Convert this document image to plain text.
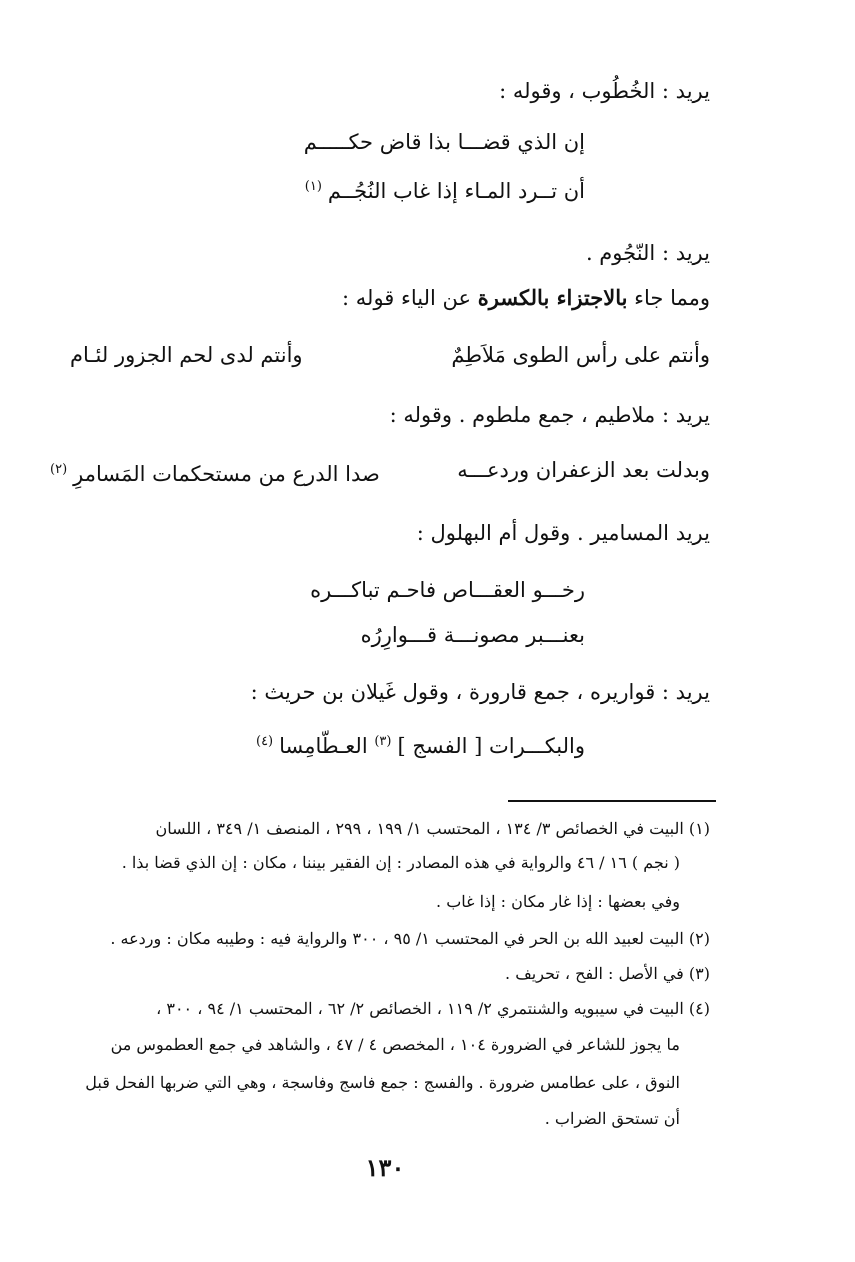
يريد : الخُطُوب ، وقوله :
إن الذي قضـــا بذا قاض حكـــــم
أن تــرد المـاء إذا غاب النُجُــم$^{(١)}$
يريد : النّجُوم .
ومما جاء بالاجتزاء بالكسرة عن الياء قوله :
وأنتم على رأس الطوى مَلاَطِمٌ
وأنتم لدى لحم الجزور لئـام
يريد : ملاطيم ، جمع ملطوم . وقوله :
وبدلت بعد الزعفران وردعـــه
صدا الدرع من مستحكمات المَسامرِ$^{(٢)}$
يريد المسامير . وقول أم البهلول :
رخـــو العقـــاص فاحـم تباكـــره
بعنـــبر مصونـــة قـــوارِرُه
يريد : قواريره ، جمع قارورة ، وقول غَيلان بن حريث :
والبكـــرات [ الفسج ]$^{(٣)}$ العـطّامِسا$^{(٤)}$
(١) البيت في الخصائص ٣/ ١٣٤ ، المحتسب ١/ ١٩٩ ، ٢٩٩ ، المنصف ١/ ٣٤٩ ، اللسان
( نجم ) ١٦ / ٤٦ والرواية في هذه المصادر : إن الفقير بيننا ، مكان : إن الذي قضا بذا .
وفي بعضها : إذا غار مكان : إذا غاب .
(٢) البيت لعبيد الله بن الحر في المحتسب ١/ ٩٥ ، ٣٠٠ والرواية فيه : وطيبه مكان : وردعه .
(٣) في الأصل : الفح ، تحريف .
(٤) البيت في سيبويه والشنتمري ٢/ ١١٩ ، الخصائص ٢/ ٦٢ ، المحتسب ١/ ٩٤ ، ٣٠٠ ،
ما يجوز للشاعر في الضرورة ١٠٤ ، المخصص ٤ / ٤٧ ، والشاهد في جمع العطموس من
النوق ، على عطامس ضرورة . والفسج : جمع فاسج وفاسجة ، وهي التي ضربها الفحل قبل
أن تستحق الضراب .
١٣٠
